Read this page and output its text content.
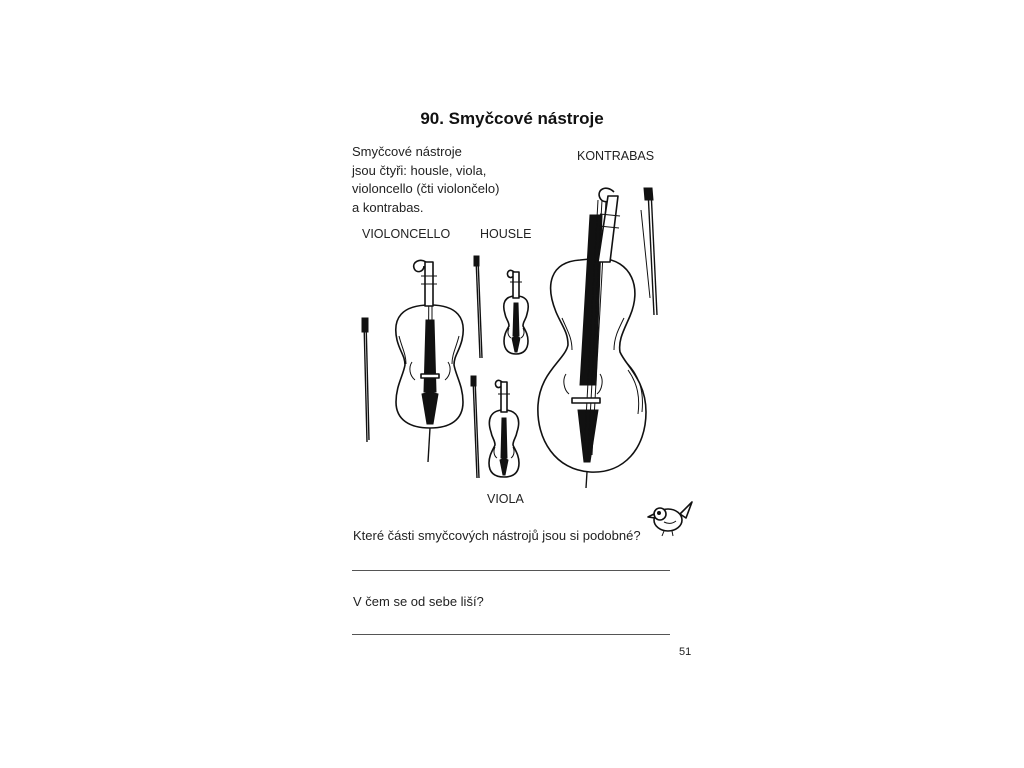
90. Smyčcové nástroje
Smyčcové nástroje
jsou čtyři: housle, viola,
violoncello (čti violončelo)
a kontrabas.
KONTRABAS
VIOLONCELLO HOUSLE
VIOLA
Které části smyčcových nástrojů jsou si podobné?
V čem se od sebe liší?
51
